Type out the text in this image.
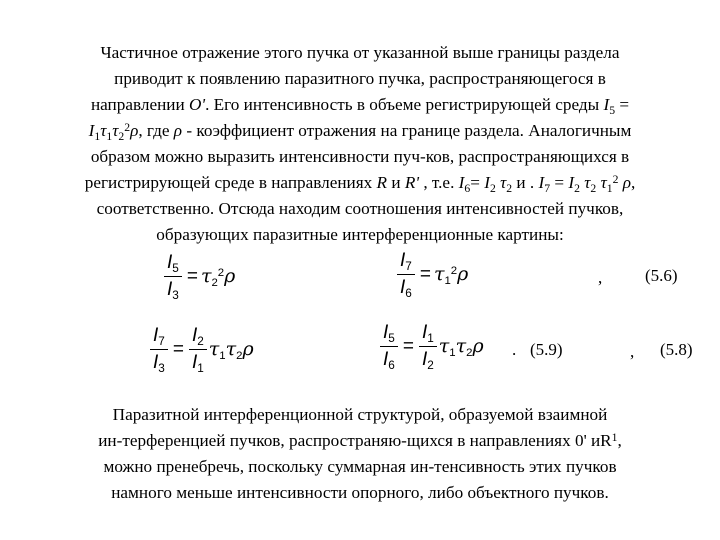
Частичное отражение этого пучка от указанной выше границы раздела
приводит к появлению паразитного пучка, распространяющегося в
направлении O'. Его интенсивность в объеме регистрирующей среды $I_5$ =
$I_1\tau_1\tau_2^2\rho$, где ρ - коэффициент отражения на границе раздела. Аналогичным
образом можно выразить интенсивности пуч-ков, распространяющихся в
регистрирующей среде в направлениях R и R' , т.е. $I_6= I_2$ $\tau_2$ и . $I_7 = I_2$ $\tau_2$ $\tau_1^2$ ρ,
соответственно. Отсюда находим соотношения интенсивностей пучков,
образующих паразитные интерференционные картины:

$\frac{I_5}{I_3} = \tau_2^2\rho$	$\frac{I_7}{I_6} = \tau_1^2\rho$	,	(5.6)
$\frac{I_7}{I_3} = \frac{I_2}{I_1} \tau_1\tau_2\rho$	$\frac{I_5}{I_6} = \frac{I_1}{I_2} \tau_1\tau_2\rho$ . (5.9)	, (5.8)

Паразитной интерференционной структурой, образуемой взаимной
ин-терференцией пучков, распространяю-щихся в направлениях 0' $иR^1$,
можно пренебречь, поскольку суммарная ин-тенсивность этих пучков
намного меньше интенсивности опорного, либо объектного пучков.
